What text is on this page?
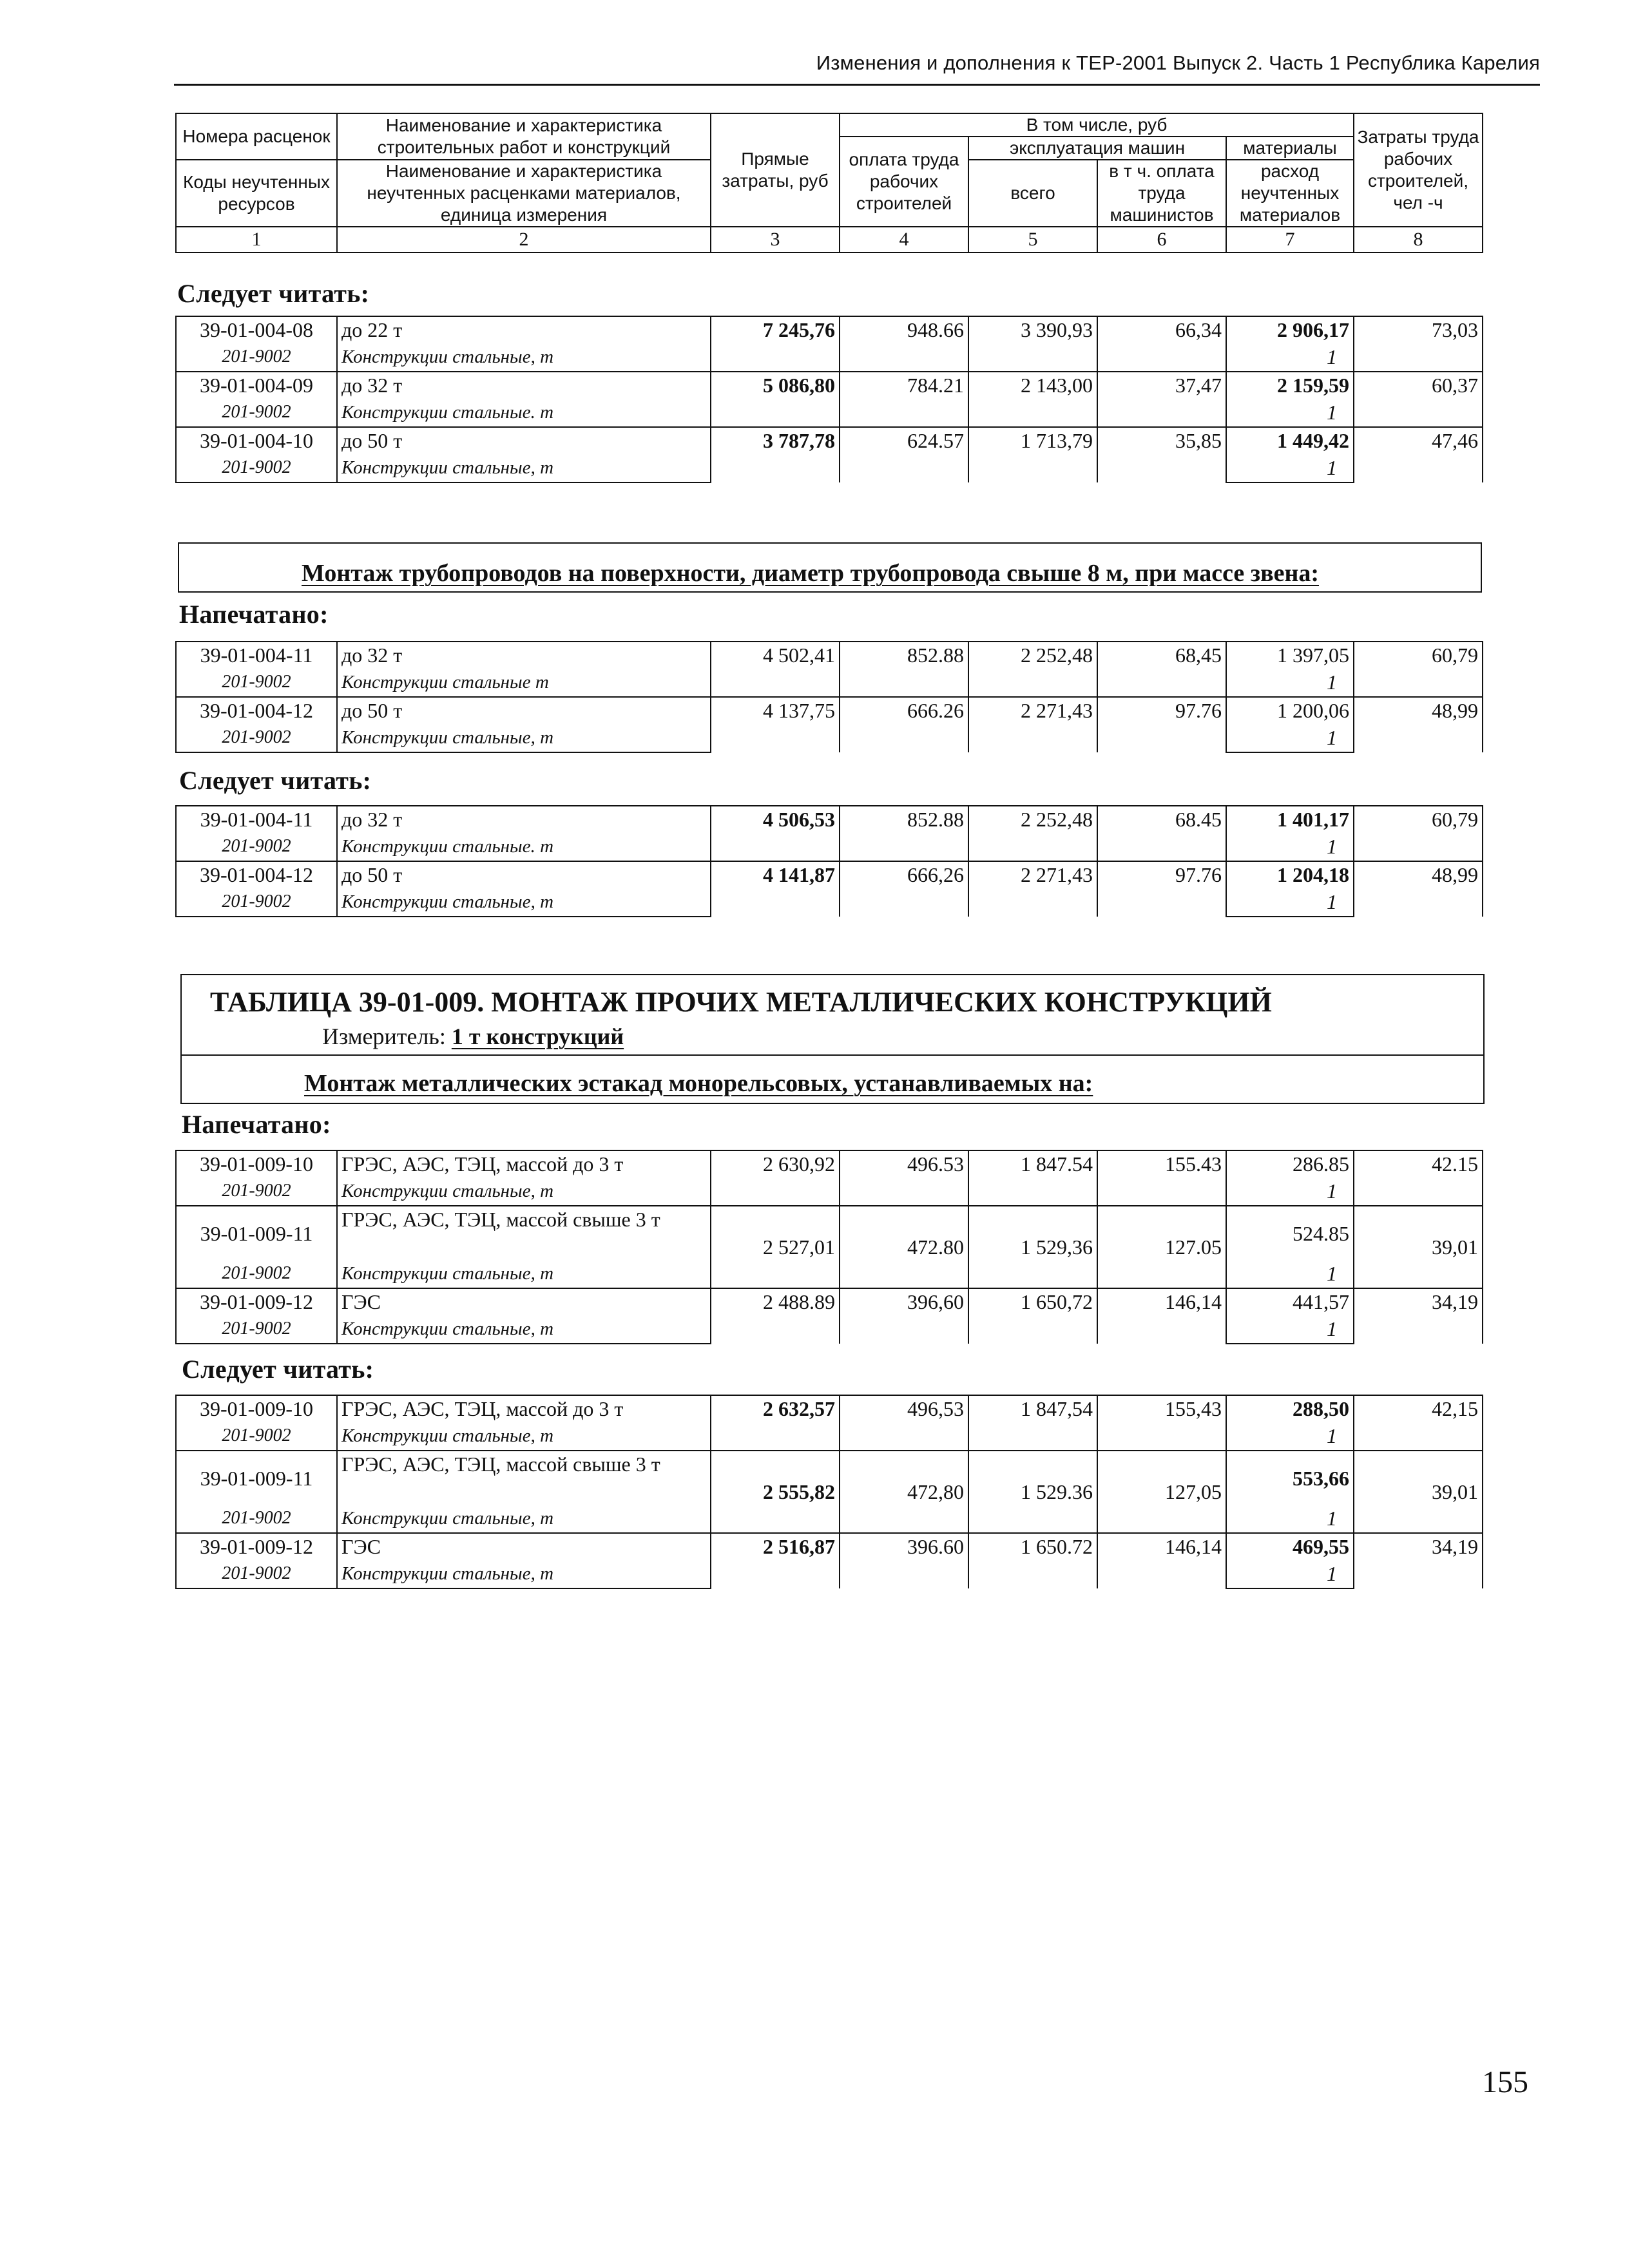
Изменения и дополнения к ТЕР-2001 Выпуск 2. Часть 1 Республика Карелия
Номера расценок	Наименование и характеристика строительных работ и конструкций	Прямые затраты, руб	В том числе, руб				Затраты труда рабочих строителей, чел -ч
			оплата труда рабочих строителей	эксплуатация машин		материалы	
Коды неучтенных ресурсов	Наименование и характеристика неучтенных расценками материалов, единица измерения			всего	в т ч. оплата труда машинистов	расход неучтенных материалов	

1	2	3	4	5	6	7	8
Следует читать:
39-01-004-08	до 22 т	7 245,76	948.66	3 390,93	66,34	2 906,17	73,03
201-9002	Конструкции стальные, т					1	
39-01-004-09	до 32 т	5 086,80	784.21	2 143,00	37,47	2 159,59	60,37
201-9002	Конструкции стальные. т					1	
39-01-004-10	до 50 т	3 787,78	624.57	1 713,79	35,85	1 449,42	47,46
201-9002	Конструкции стальные, т					1	
Монтаж трубопроводов на поверхности, диаметр трубопровода свыше 8 м, при массе звена:
Напечатано:
39-01-004-11	до 32 т	4 502,41	852.88	2 252,48	68,45	1 397,05	60,79
201-9002	Конструкции стальные т					1	
39-01-004-12	до 50 т	4 137,75	666.26	2 271,43	97.76	1 200,06	48,99
201-9002	Конструкции стальные, т					1	
Следует читать:
39-01-004-11	до 32 т	4 506,53	852.88	2 252,48	68.45	1 401,17	60,79
201-9002	Конструкции стальные. т					1	
39-01-004-12	до 50 т	4 141,87	666,26	2 271,43	97.76	1 204,18	48,99
201-9002	Конструкции стальные, т					1	
ТАБЛИЦА 39-01-009. МОНТАЖ ПРОЧИХ МЕТАЛЛИЧЕСКИХ КОНСТРУКЦИЙ
Измеритель: 1 т конструкций
Монтаж металлических эстакад монорельсовых, устанавливаемых на:
Напечатано:
39-01-009-10	ГРЭС, АЭС, ТЭЦ, массой до 3 т	2 630,92	496.53	1 847.54	155.43	286.85	42.15
201-9002	Конструкции стальные, т					1	
39-01-009-11	ГРЭС, АЭС, ТЭЦ, массой свыше 3 т	2 527,01	472.80	1 529,36	127.05	524.85	39,01
201-9002	Конструкции стальные, т					1	
39-01-009-12	ГЭС	2 488.89	396,60	1 650,72	146,14	441,57	34,19
201-9002	Конструкции стальные, т					1	
Следует читать:
39-01-009-10	ГРЭС, АЭС, ТЭЦ, массой до 3 т	2 632,57	496,53	1 847,54	155,43	288,50	42,15
201-9002	Конструкции стальные, т					1	
39-01-009-11	ГРЭС, АЭС, ТЭЦ, массой свыше 3 т	2 555,82	472,80	1 529.36	127,05	553,66	39,01
201-9002	Конструкции стальные, т					1	
39-01-009-12	ГЭС	2 516,87	396.60	1 650.72	146,14	469,55	34,19
201-9002	Конструкции стальные, т					1	
155
